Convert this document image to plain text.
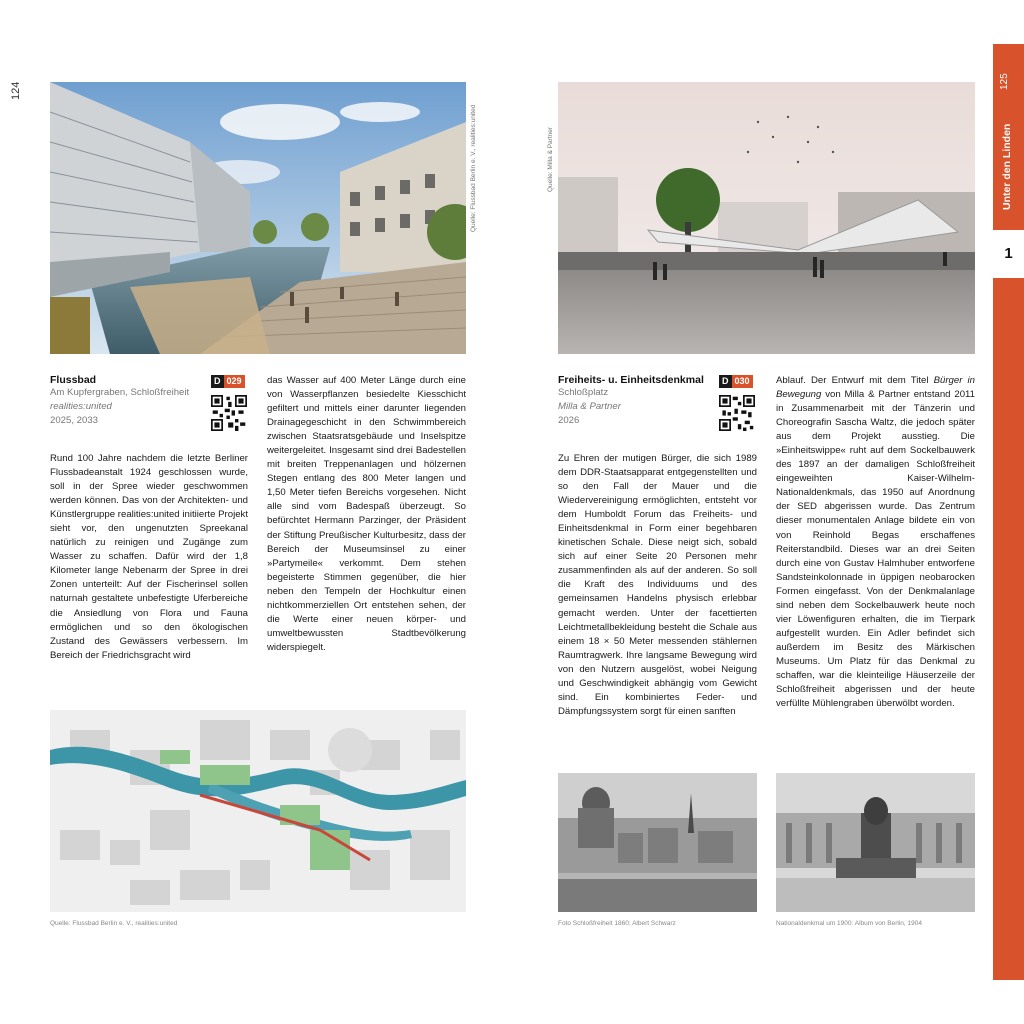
124
Quelle: Flussbad Berlin e. V., realities:united
Flussbad
Am Kupfergraben, Schloßfreiheit
realities:united
2025, 2033
D 029
Rund 100 Jahre nachdem die letzte Berliner Flussbadeanstalt 1924 geschlossen wurde, soll in der Spree wieder geschwommen werden können. Das von der Architekten- und Künstlergruppe realities:united initiierte Projekt sieht vor, den ungenutzten Spreekanal natürlich zu reinigen und Zugänge zum Wasser zu schaffen. Dafür wird der 1,8 Kilometer lange Nebenarm der Spree in drei Zonen unterteilt: Auf der Fischerinsel sollen naturnah gestaltete unbefestigte Uferbereiche die Ansiedlung von Flora und Fauna ermöglichen und so den ökologischen Zustand des Gewässers verbessern. Im Bereich der Friedrichsgracht wird
das Wasser auf 400 Meter Länge durch eine von Wasserpflanzen besiedelte Kiesschicht gefiltert und mittels einer darunter liegenden Drainagegeschicht in den Schwimmbereich zwischen Staatsratsgebäude und Inselspitze weitergeleitet. Insgesamt sind drei Badestellen mit breiten Treppenanlagen und hölzernen Stegen entlang des 800 Meter langen und 1,50 Meter tiefen Bereichs vorgesehen. Nicht alle sind vom Badespaß überzeugt. So befürchtet Hermann Parzinger, der Präsident der Stiftung Preußischer Kulturbesitz, dass der Bereich der Museumsinsel zu einer »Partymeile« verkommt. Dem stehen begeisterte Stimmen gegenüber, die hier neben den Tempeln der Hochkultur einen nichtkommerziellen Ort entstehen sehen, der die Werte einer neuen körper- und umweltbewussten Stadtbevölkerung widerspiegelt.
Quelle: Flussbad Berlin e. V., realities:united
Quelle: Milla & Partner
Freiheits- u. Einheitsdenkmal
Schloßplatz
Milla & Partner
2026
D 030
Zu Ehren der mutigen Bürger, die sich 1989 dem DDR-Staatsapparat entgegenstellten und so den Fall der Mauer und die Wiedervereinigung ermöglichten, entsteht vor dem Humboldt Forum das Freiheits- und Einheitsdenkmal in Form einer begehbaren kinetischen Schale. Diese neigt sich, sobald sich auf einer Seite 20 Personen mehr zusammenfinden als auf der anderen. So soll die Kraft des Individuums und des gemeinsamen Handelns physisch erlebbar gemacht werden. Unter der facettierten Leichtmetallbekleidung besteht die Schale aus einem 18 × 50 Meter messenden stählernen Raumtragwerk. Ihre langsame Bewegung wird von den Nutzern ausgelöst, wobei Neigung und Geschwindigkeit abhängig vom Gewicht sind. Ein kombiniertes Feder- und Dämpfungssystem sorgt für einen sanften
Ablauf. Der Entwurf mit dem Titel Bürger in Bewegung von Milla & Partner entstand 2011 in Zusammenarbeit mit der Tänzerin und Choreografin Sascha Waltz, die jedoch später aus dem Projekt ausstieg. Die »Einheitswippe« ruht auf dem Sockelbauwerk des 1897 an der damaligen Schloßfreiheit eingeweihten Kaiser-Wilhelm-Nationaldenkmals, das 1950 auf Anordnung der SED abgerissen wurde. Das Zentrum dieser monumentalen Anlage bildete ein von von Reinhold Begas erschaffenes Reiterstandbild. Dieses war an drei Seiten durch eine von Gustav Halmhuber entworfene Sandsteinkolonnade in üppigen neobarocken Formen eingefasst. Von der Denkmalanlage sind neben dem Sockelbauwerk heute noch vier Löwenfiguren erhalten, die im Tierpark aufgestellt wurden. Ein Adler befindet sich außerdem im Besitz des Märkischen Museums. Um Platz für das Denkmal zu schaffen, war die kleinteilige Häuserzeile der Schloßfreiheit abgerissen und der heute verfüllte Mühlengraben überwölbt worden.
Foto Schloßfreiheit 1860: Albert Schwarz	Nationaldenkmal um 1900: Album von Berlin, 1904
125
Unter den Linden
1
